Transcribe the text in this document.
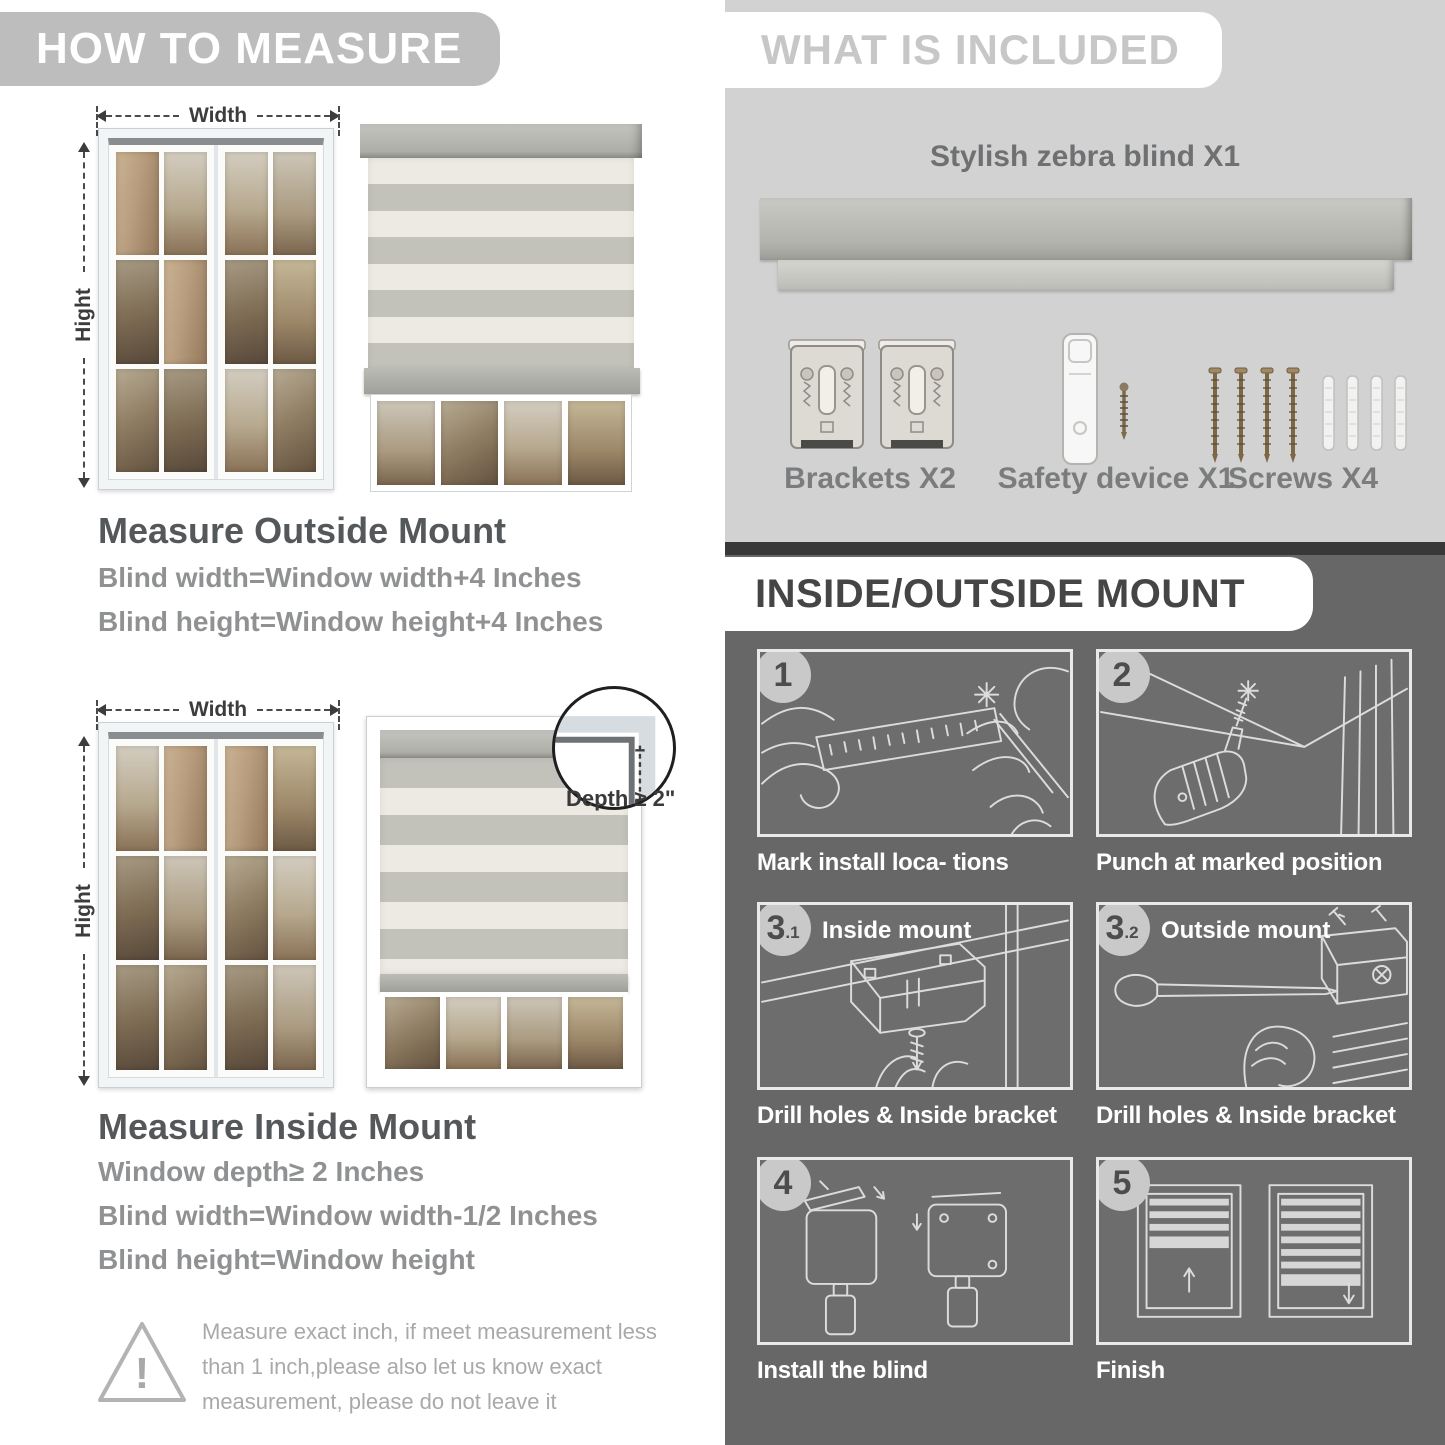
HOW TO MEASURE
Width
Hight
Measure Outside Mount
Blind width=Window width+4 Inches
Blind height=Window height+4 Inches
Width
Hight
Depth ≥ 2"
Measure Inside Mount
Window depth≥ 2 Inches
Blind width=Window width-1/2 Inches
Blind height=Window height
!
Measure exact inch, if meet measurement less than 1 inch,please also let us know exact measurement, please do not leave it
WHAT IS INCLUDED
Stylish zebra blind X1
Brackets X2	Safety device X1
Screws X4
INSIDE/OUTSIDE MOUNT
1
Mark install loca- tions
2
Punch at marked position
3 .1 Inside mount
Drill holes & Inside bracket
3 .2 Outside mount
Drill holes & Inside bracket
4
Install the blind
5
Finish
